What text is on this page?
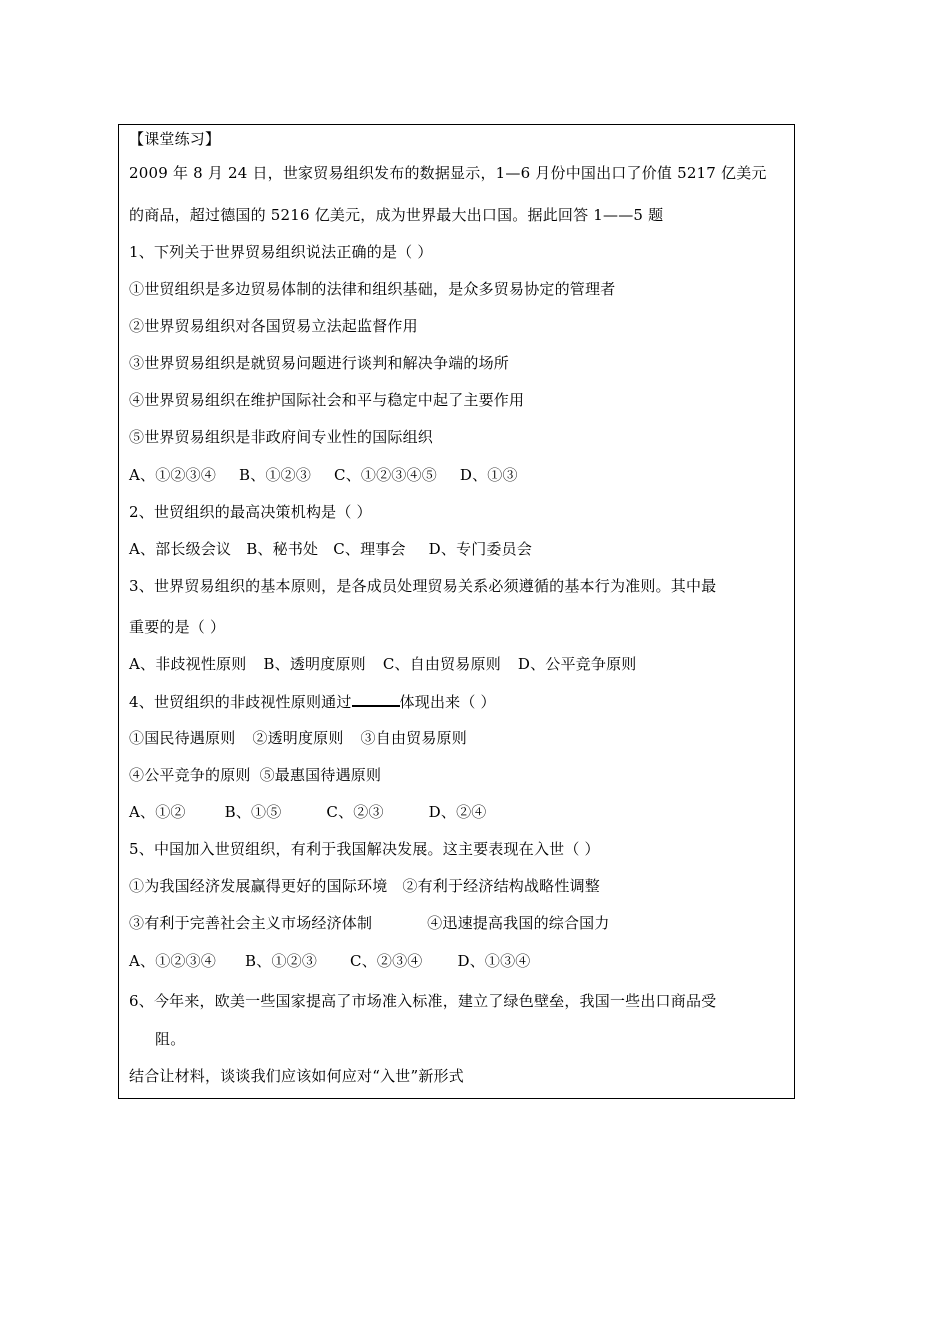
【课堂练习】
2009 年 8 月 24 日，世家贸易组织发布的数据显示，1—6 月份中国出口了价值 5217 亿美元
的商品，超过德国的 5216 亿美元，成为世界最大出口国。据此回答 1——5 题
1、下列关于世界贸易组织说法正确的是（ ）
①世贸组织是多边贸易体制的法律和组织基础，是众多贸易协定的管理者
②世界贸易组织对各国贸易立法起监督作用
③世界贸易组织是就贸易问题进行谈判和解决争端的场所
④世界贸易组织在维护国际社会和平与稳定中起了主要作用
⑤世界贸易组织是非政府间专业性的国际组织
A、①②③④ B、①②③ C、①②③④⑤ D、①③
2、世贸组织的最高决策机构是（ ）
A、部长级会议 B、秘书处 C、理事会 D、专门委员会
3、世界贸易组织的基本原则，是各成员处理贸易关系必须遵循的基本行为准则。其中最
重要的是（ ）
A、非歧视性原则 B、透明度原则 C、自由贸易原则 D、公平竞争原则
4、世贸组织的非歧视性原则通过	体现出来（ ）
①国民待遇原则 ②透明度原则 ③自由贸易原则
④公平竞争的原则 ⑤最惠国待遇原则
A、①②	B、①⑤	C、②③	D、②④
5、中国加入世贸组织，有利于我国解决发展。这主要表现在入世（ ）
①为我国经济发展赢得更好的国际环境 ②有利于经济结构战略性调整
③有利于完善社会主义市场经济体制	④迅速提高我国的综合国力
A、①②③④ B、①②③ C、②③④ D、①③④
6、今年来，欧美一些国家提高了市场准入标准，建立了绿色壁垒，我国一些出口商品受
阻。
结合让材料，谈谈我们应该如何应对“入世”新形式
